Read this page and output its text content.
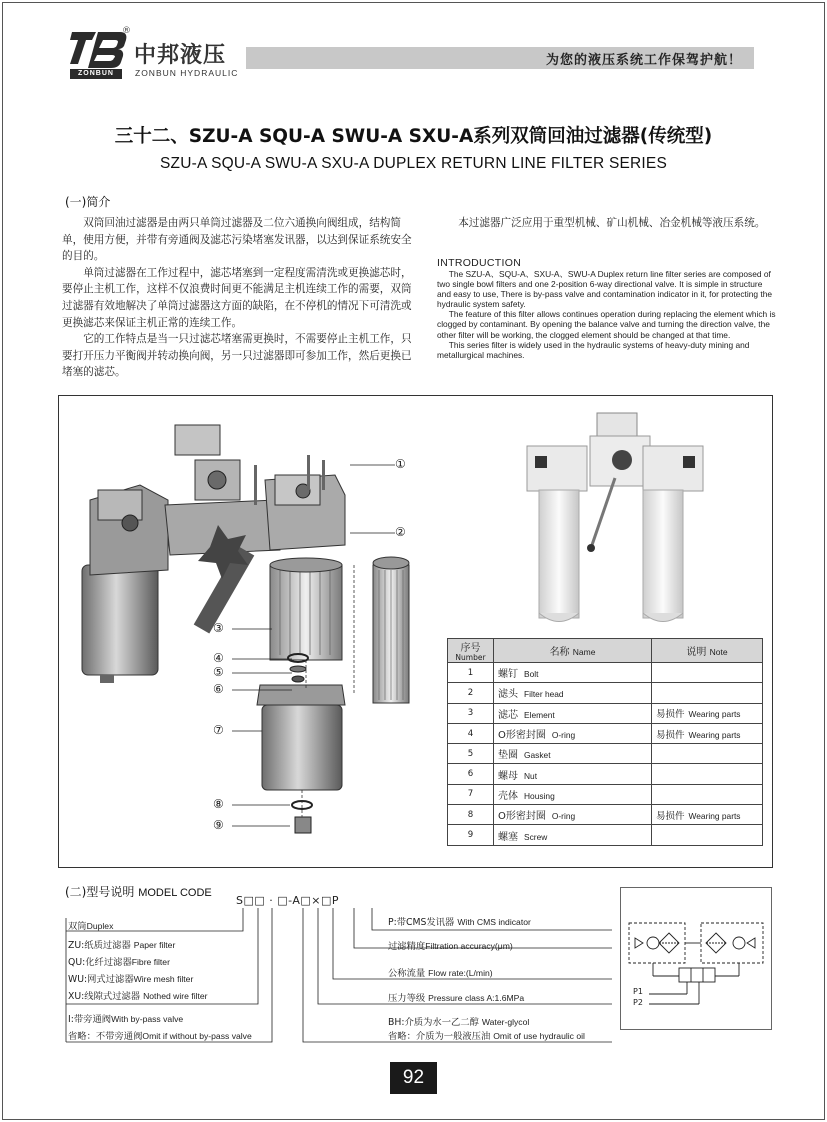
®
ZONBUN
中邦液压
ZONBUN HYDRAULIC
为您的液压系统工作保驾护航！
三十二、SZU-A SQU-A SWU-A SXU-A系列双筒回油过滤器(传统型)
SZU-A SQU-A SWU-A SXU-A DUPLEX RETURN LINE FILTER SERIES
(一)简介

双筒回油过滤器是由两只单筒过滤器及二位六通换向阀组成，结构简单，使用方便，并带有旁通阀及滤芯污染堵塞发讯器，以达到保证系统安全的目的。

单筒过滤器在工作过程中，滤芯堵塞到一定程度需清洗或更换滤芯时，要停止主机工作，这样不仅浪费时间更不能满足主机连续工作的需要，双筒过滤器有效地解决了单筒过滤器这方面的缺陷，在不停机的情况下可清洗或更换滤芯来保证主机正常的连续工作。

它的工作特点是当一只过滤芯堵塞需更换时，不需要停止主机工作，只要打开压力平衡阀并转动换向阀，另一只过滤器即可参加工作，然后更换已堵塞的滤芯。

本过滤器广泛应用于重型机械、矿山机械、冶金机械等液压系统。

INTRODUCTION

The SZU-A、SQU-A、SXU-A、SWU-A Duplex return line filter series are composed of two single bowl filters and one 2-position 6-way directional valve. It is simple in structure and easy to use, There is by-pass valve and contamination indicator in it, for protecting the hydraulic system safety.

The feature of this filter allows continues operation during replacing the element which is clogged by contaminant. By opening the balance valve and turning the direction valve, the other filter will be working, the clogged element should be changed at that time.

This series filter is widely used in the hydraulic systems of heavy-duty mining and metallurgical machines.

①
②
③
④
⑤
⑥
⑦
⑧
⑨
序号
Number	名称 Name	说明 Note
1	螺钉 Bolt	
2	滤头 Filter head	
3	滤芯 Element	易损件 Wearing parts
4	O形密封圈 O-ring	易损件 Wearing parts
5	垫圈 Gasket	
6	螺母 Nut	
7	壳体 Housing	
8	O形密封圈 O-ring	易损件 Wearing parts
9	螺塞 Screw	
(二)型号说明 MODEL CODE
S□□ · □-A□×□P
双筒Duplex
ZU:纸质过滤器 Paper filter
QU:化纤过滤器Fibre filter
WU:网式过滤器Wire mesh filter
XU:线隙式过滤器 Nothed wire filter
I:带旁通阀With by-pass valve
省略：不带旁通阀Omit if without by-pass valve
P:带CMS发讯器 With CMS indicator
过滤精度Filtration accuracy(μm)
公称流量 Flow rate:(L/min)
压力等级 Pressure class A:1.6MPa
BH:介质为水一乙二醇 Water-glycol
省略：介质为一般液压油 Omit of use hydraulic oil
P1
P2
92
